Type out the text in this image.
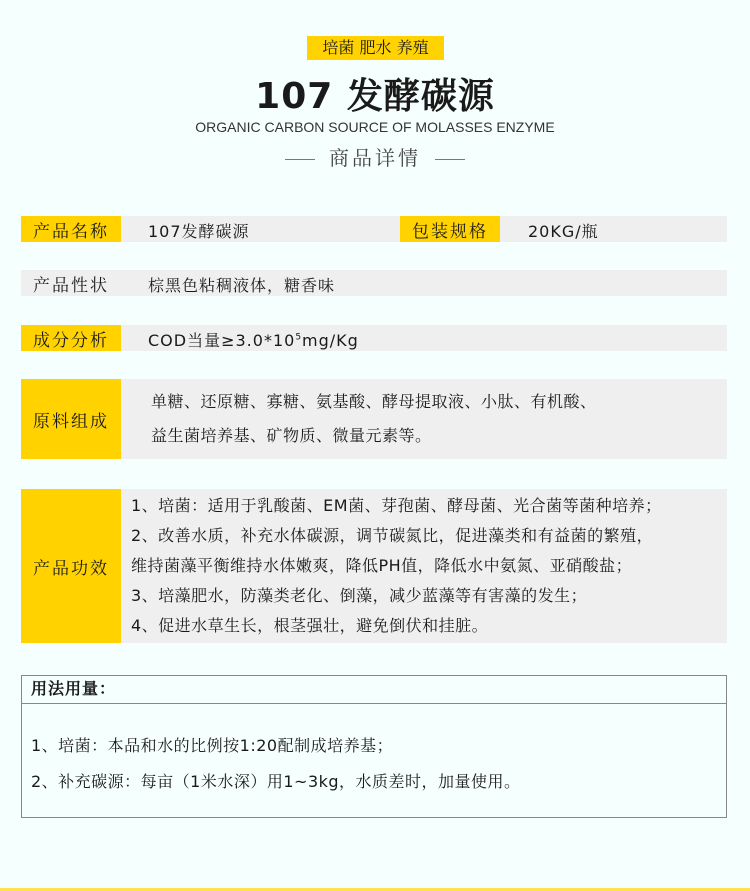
培菌 肥水 养殖
107 发酵碳源
ORGANIC CARBON SOURCE OF MOLASSES ENZYME
商品详情
产品名称	107发酵碳源	包装规格	20KG/瓶
产品性状	棕黑色粘稠液体，糖香味
成分分析	COD当量$\ge 3.0*10^5mg/Kg$
原料组成
单糖、还原糖、寡糖、氨基酸、酵母提取液、小肽、有机酸、
益生菌培养基、矿物质、微量元素等。
产品功效
1、培菌：适用于乳酸菌、EM菌、芽孢菌、酵母菌、光合菌等菌种培养；
2、改善水质，补充水体碳源，调节碳氮比，促进藻类和有益菌的繁殖，
维持菌藻平衡维持水体嫩爽，降低PH值，降低水中氨氮、亚硝酸盐；
3、培藻肥水，防藻类老化、倒藻，减少蓝藻等有害藻的发生；
4、促进水草生长，根茎强壮，避免倒伏和挂脏。
用法用量：
1、培菌：本品和水的比例按1:20配制成培养基；
2、补充碳源：每亩（1米水深）用1~3kg，水质差时，加量使用。
